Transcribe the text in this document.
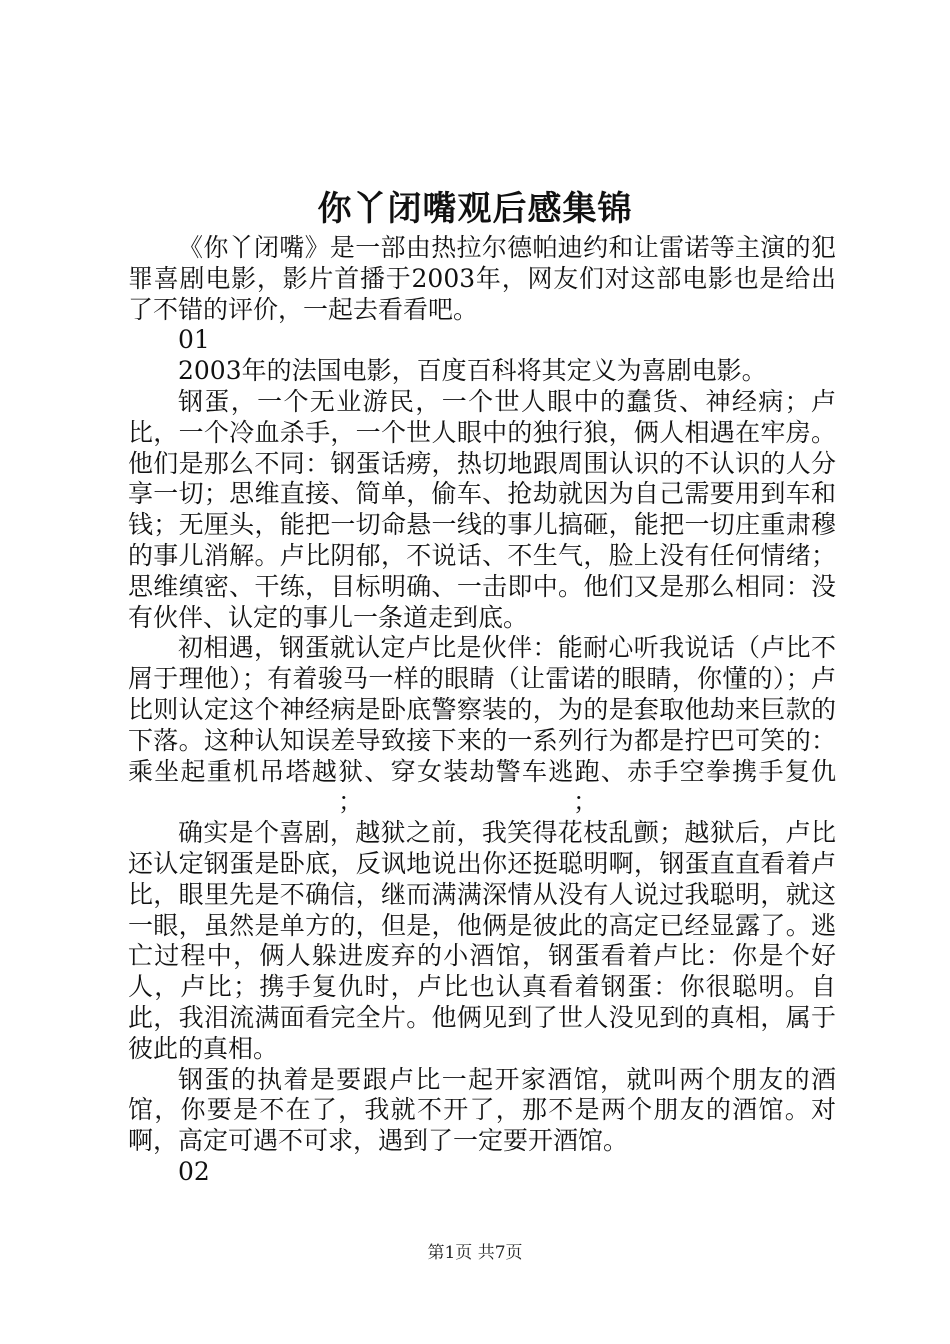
你丫闭嘴观后感集锦

《你丫闭嘴》是一部由热拉尔德帕迪约和让雷诺等主演的犯罪喜剧电影，影片首播于2003年，网友们对这部电影也是给出了不错的评价，一起去看看吧。

01

2003年的法国电影，百度百科将其定义为喜剧电影。

钢蛋，一个无业游民，一个世人眼中的蠢货、神经病；卢比，一个冷血杀手，一个世人眼中的独行狼，俩人相遇在牢房。他们是那么不同：钢蛋话痨，热切地跟周围认识的不认识的人分享一切；思维直接、简单，偷车、抢劫就因为自己需要用到车和钱；无厘头，能把一切命悬一线的事儿搞砸，能把一切庄重肃穆的事儿消解。卢比阴郁，不说话、不生气，脸上没有任何情绪；思维缜密、干练，目标明确、一击即中。他们又是那么相同：没有伙伴、认定的事儿一条道走到底。

初相遇，钢蛋就认定卢比是伙伴：能耐心听我说话（卢比不屑于理他）；有着骏马一样的眼睛（让雷诺的眼睛，你懂的）；卢比则认定这个神经病是卧底警察装的，为的是套取他劫来巨款的下落。这种认知误差导致接下来的一系列行为都是拧巴可笑的：乘坐起重机吊塔越狱、穿女装劫警车逃跑、赤手空拳携手复仇；	；

确实是个喜剧，越狱之前，我笑得花枝乱颤；越狱后，卢比还认定钢蛋是卧底，反讽地说出你还挺聪明啊，钢蛋直直看着卢比，眼里先是不确信，继而满满深情从没有人说过我聪明，就这一眼，虽然是单方的，但是，他俩是彼此的高定已经显露了。逃亡过程中，俩人躲进废弃的小酒馆，钢蛋看着卢比：你是个好人，卢比；携手复仇时，卢比也认真看着钢蛋：你很聪明。自此，我泪流满面看完全片。他俩见到了世人没见到的真相，属于彼此的真相。

钢蛋的执着是要跟卢比一起开家酒馆，就叫两个朋友的酒馆，你要是不在了，我就不开了，那不是两个朋友的酒馆。对啊，高定可遇不可求，遇到了一定要开酒馆。

02

第1页 共7页
